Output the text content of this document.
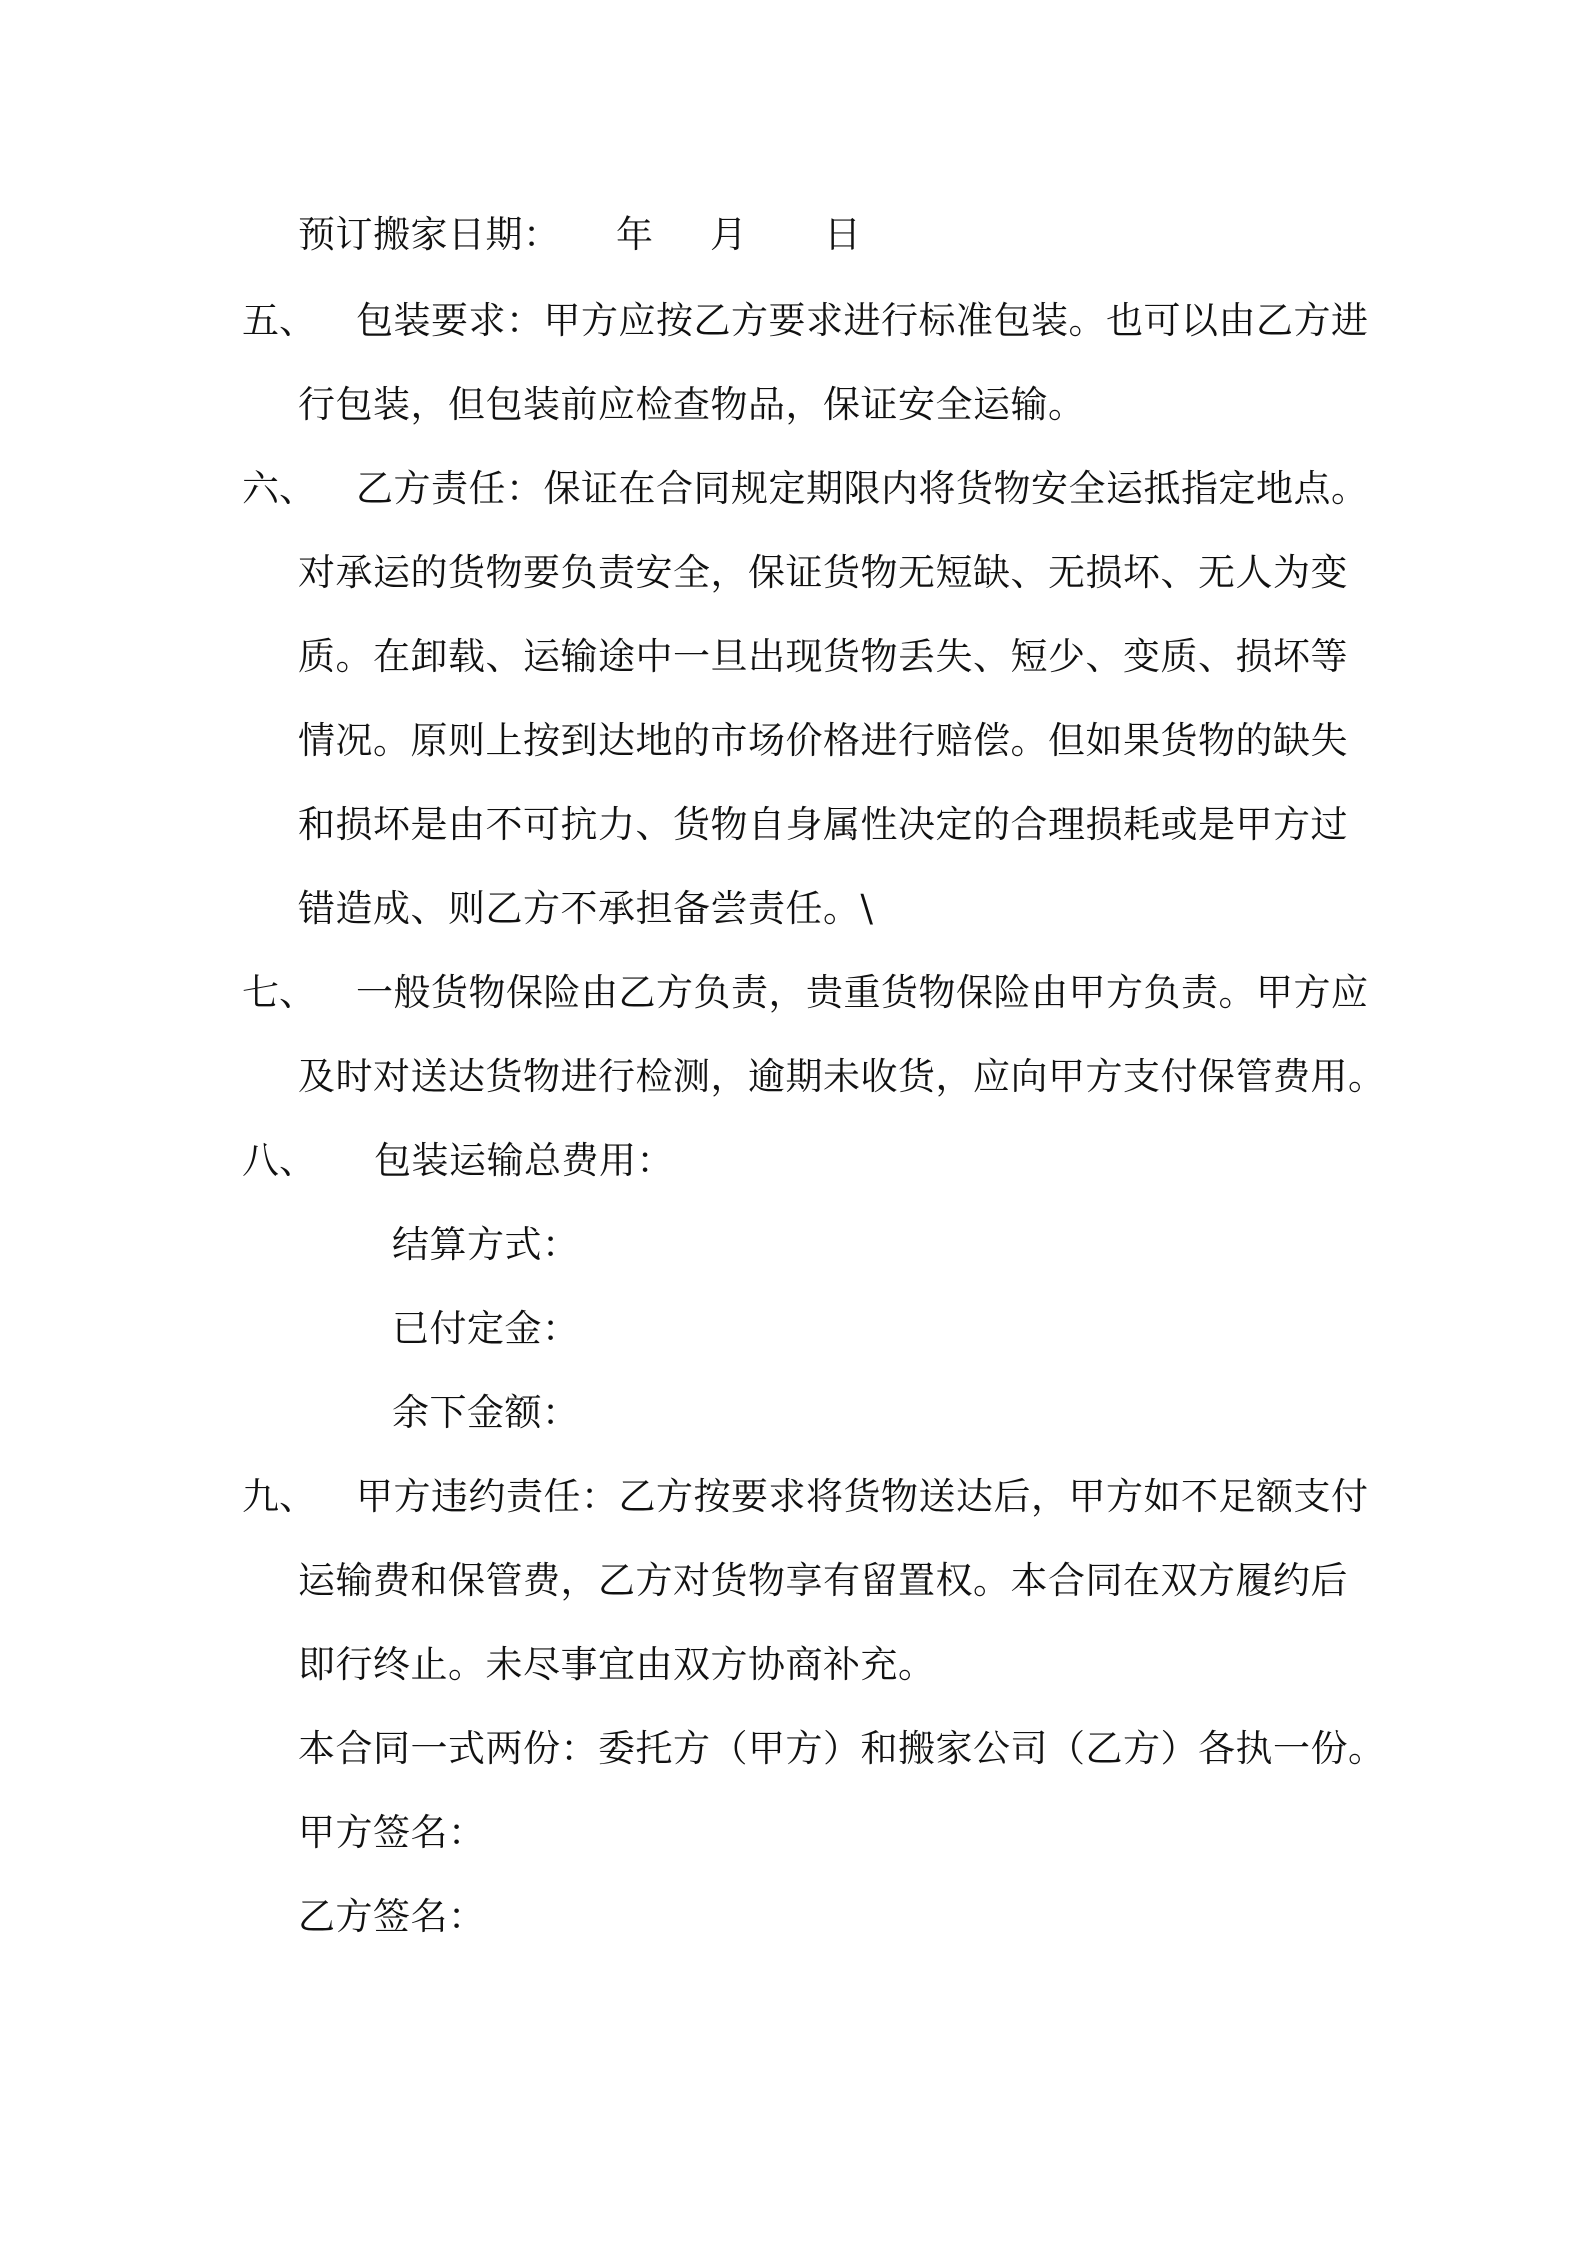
预订搬家日期： 年 月 日
五、 包装要求：甲方应按乙方要求进行标准包装。也可以由乙方进
行包装，但包装前应检查物品，保证安全运输。
六、 乙方责任：保证在合同规定期限内将货物安全运抵指定地点。
对承运的货物要负责安全，保证货物无短缺、无损坏、无人为变
质。在卸载、运输途中一旦出现货物丢失、短少、变质、损坏等
情况。原则上按到达地的市场价格进行赔偿。但如果货物的缺失
和损坏是由不可抗力、货物自身属性决定的合理损耗或是甲方过
错造成、则乙方不承担备尝责任。\
七、 一般货物保险由乙方负责，贵重货物保险由甲方负责。甲方应
及时对送达货物进行检测，逾期未收货，应向甲方支付保管费用。
八、 包装运输总费用：
结算方式：
已付定金：
余下金额：
九、 甲方违约责任：乙方按要求将货物送达后，甲方如不足额支付
运输费和保管费，乙方对货物享有留置权。本合同在双方履约后
即行终止。未尽事宜由双方协商补充。
本合同一式两份：委托方（甲方）和搬家公司（乙方）各执一份。
甲方签名：
乙方签名：
